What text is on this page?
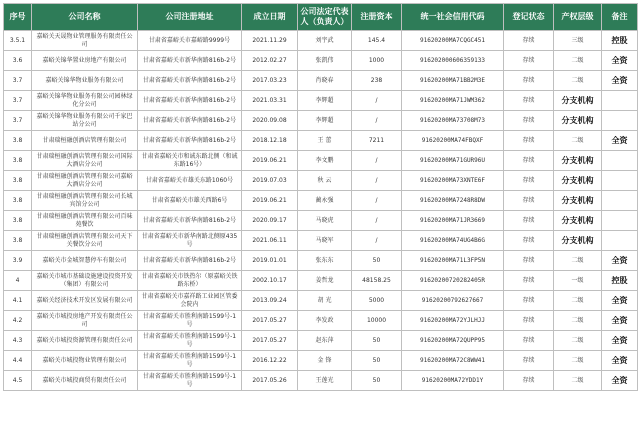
序号	公司名称	公司注册地址	成立日期	公司法定代表人（负责人）	注册资本	统一社会信用代码	登记状态	产权层级	备注

3.5.1	嘉峪关天晟物业管理服务有限责任公司	甘肃省嘉峪关市嘉峪路9999号	2021.11.29	刘宇武	145.4	91620200MA7CQGC451	存续	三级	控股

3.6	嘉峪关锦华置业房地产有限公司	甘肃省嘉峪关市新华南路816b-2号	2012.02.27	张凯伟	1000	916202000606359133	存续	二级	全资

3.7	嘉峪关锦华物业服务有限公司	甘肃省嘉峪关市新华南路816b-2号	2017.03.23	肖晓春	238	91620200MA71BB2M3E	存续	二级	全资

3.7	嘉峪关锦华物业服务有限公司园林绿化分公司	甘肃省嘉峪关市新华南路816b-2号	2021.03.31	李辉超	/	91620200MA71JWM362	存续	分支机构	

3.7	嘉峪关锦华物业服务有限公司千家巴站分公司	甘肃省嘉峪关市新华南路816b-2号	2020.09.08	李辉超	/	91620200MA73708M73	存续	分支机构	

3.8	甘肃瑞桓融创酒店管理有限公司	甘肃省嘉峪关市新华南路816b-2号	2018.12.18	王 蕾	7211	91620200MA74FBQXF	存续	二级	全资

3.8	甘肃瑞桓融创酒店管理有限公司国际大酒店分公司	甘肃省嘉峪关市和诚东路北侧（和诚东路16号）	2019.06.21	李文鹏	/	91620200MA71GUR96U	存续	分支机构	

3.8	甘肃瑞桓融创酒店管理有限公司嘉峪大酒店分公司	甘肃省嘉峪关市雄关东路1060号	2019.07.03	秋 云	/	91620200MA73XNTE6F	存续	分支机构	

3.8	甘肃瑞桓融创酒店管理有限公司长城宾馆分公司	甘肃省嘉峪关市雄关西路6号	2019.06.21	蔺永强	/	91620200MA7248R8DW	存续	分支机构	

3.8	甘肃瑞桓融创酒店管理有限公司百味苑餐饮	甘肃省嘉峪关市新华南路816b-2号	2020.09.17	马晓虎	/	91620200MA71JR3669	存续	分支机构	

3.8	甘肃瑞桓融创酒店管理有限公司天下关餐饮分公司	甘肃省嘉峪关市新华南路北侧原435号	2021.06.11	马晓军	/	91620200MA74UG4B6G	存续	分支机构	

3.9	嘉峪关市金城智慧停车有限公司	甘肃省嘉峪关市新华南路816b-2号	2019.01.01	张东东	50	91620200MA71L3FP5N	存续	二级	全资

4	嘉峪关市城市基础设施建设投资开发（集团）有限公司	甘肃省嘉峪关市铁热尔（原嘉峪关铁路东桥）	2002.10.17	姜哲龙	48158.25	91620200720282405R	存续	一级	控股

4.1	嘉峪关经济技术开发区发展有限公司	甘肃省嘉峪关市嘉祥路工业园区管委会院内	2013.09.24	胡 光	5000	91620200792627667	存续	二级	全资

4.2	嘉峪关市城投房地产开发有限责任公司	甘肃省嘉峪关市胜利南路1599号-1号	2017.05.27	李发政	10000	91620200MA72YJLHJJ	存续	二级	全资

4.3	嘉峪关市城投资源管理有限责任公司	甘肃省嘉峪关市胜利南路1599号-1号	2017.05.27	赵东萍	50	91620200MA72QUPP95	存续	二级	全资

4.4	嘉峪关市城投物业管理有限公司	甘肃省嘉峪关市胜利南路1599号-1号	2016.12.22	金 锋	50	91620200MA72C8WW41	存续	二级	全资

4.5	嘉峪关市城投商贸有限责任公司	甘肃省嘉峪关市胜利南路1599号-1号	2017.05.26	王莲光	50	91620200MA72YDD1Y	存续	二级	全资
